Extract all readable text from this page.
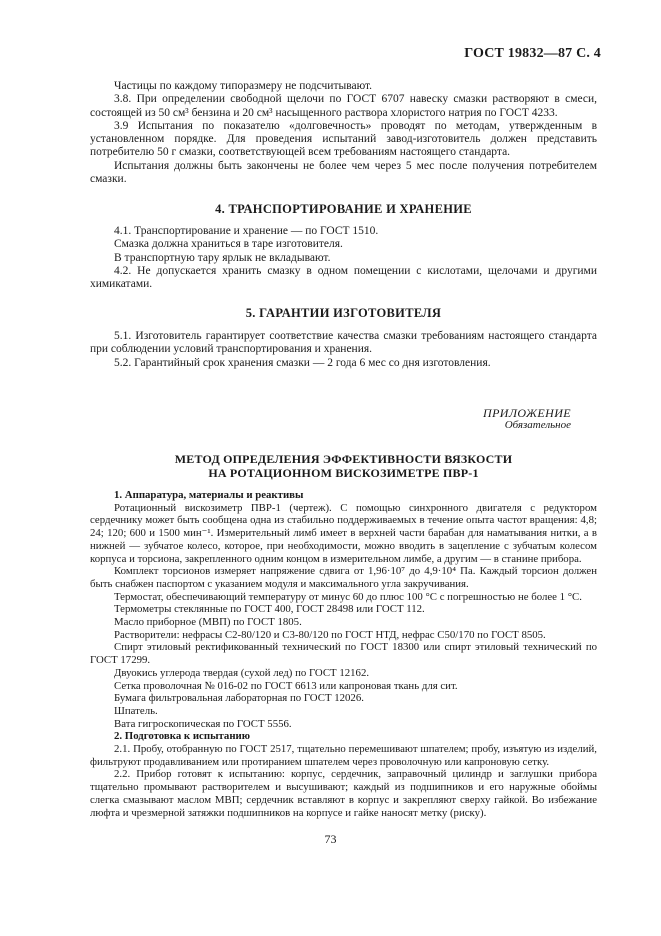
ГОСТ 19832—87 С. 4

Частицы по каждому типоразмеру не подсчитывают.

3.8. При определении свободной щелочи по ГОСТ 6707 навеску смазки растворяют в смеси, состоящей из 50 см³ бензина и 20 см³ насыщенного раствора хлористого натрия по ГОСТ 4233.

3.9 Испытания по показателю «долговечность» проводят по методам, утвержденным в установленном порядке. Для проведения испытаний завод-изготовитель должен представить потребителю 50 г смазки, соответствующей всем требованиям настоящего стандарта.

Испытания должны быть закончены не более чем через 5 мес после получения потребителем смазки.

4. ТРАНСПОРТИРОВАНИЕ И ХРАНЕНИЕ

4.1. Транспортирование и хранение — по ГОСТ 1510.

Смазка должна храниться в таре изготовителя.

В транспортную тару ярлык не вкладывают.

4.2. Не допускается хранить смазку в одном помещении с кислотами, щелочами и другими химикатами.

5. ГАРАНТИИ ИЗГОТОВИТЕЛЯ

5.1. Изготовитель гарантирует соответствие качества смазки требованиям настоящего стандарта при соблюдении условий транспортирования и хранения.

5.2. Гарантийный срок хранения смазки — 2 года 6 мес со дня изготовления.

ПРИЛОЖЕНИЕ
Обязательное
МЕТОД ОПРЕДЕЛЕНИЯ ЭФФЕКТИВНОСТИ ВЯЗКОСТИ
НА РОТАЦИОННОМ ВИСКОЗИМЕТРЕ ПВР-1

1. Аппаратура, материалы и реактивы

Ротационный вискозиметр ПВР-1 (чертеж). С помощью синхронного двигателя с редуктором сердечнику может быть сообщена одна из стабильно поддерживаемых в течение опыта частот вращения: 4,8; 24; 120; 600 и 1500 мин⁻¹. Измерительный лимб имеет в верхней части барабан для наматывания нитки, а в нижней — зубчатое колесо, которое, при необходимости, можно вводить в зацепление с зубчатым колесом корпуса и торсиона, закрепленного одним концом в измерительном лимбе, а другим — в станине прибора.

Комплект торсионов измеряет напряжение сдвига от 1,96·10⁷ до 4,9·10⁴ Па. Каждый торсион должен быть снабжен паспортом с указанием модуля и максимального угла закручивания.

Термостат, обеспечивающий температуру от минус 60 до плюс 100 °С с погрешностью не более 1 °С.

Термометры стеклянные по ГОСТ 400, ГОСТ 28498 или ГОСТ 112.

Масло приборное (МВП) по ГОСТ 1805.

Растворители: нефрасы С2-80/120 и С3-80/120 по ГОСТ НТД, нефрас С50/170 по ГОСТ 8505.

Спирт этиловый ректификованный технический по ГОСТ 18300 или спирт этиловый технический по ГОСТ 17299.

Двуокись углерода твердая (сухой лед) по ГОСТ 12162.

Сетка проволочная № 016-02 по ГОСТ 6613 или капроновая ткань для сит.

Бумага фильтровальная лабораторная по ГОСТ 12026.

Шпатель.

Вата гигроскопическая по ГОСТ 5556.

2. Подготовка к испытанию

2.1. Пробу, отобранную по ГОСТ 2517, тщательно перемешивают шпателем; пробу, изъятую из изделий, фильтруют продавливанием или протиранием шпателем через проволочную или капроновую сетку.

2.2. Прибор готовят к испытанию: корпус, сердечник, заправочный цилиндр и заглушки прибора тщательно промывают растворителем и высушивают; каждый из подшипников и его наружные обоймы слегка смазывают маслом МВП; сердечник вставляют в корпус и закрепляют сверху гайкой. Во избежание люфта и чрезмерной затяжки подшипников на корпусе и гайке наносят метку (риску).

73
